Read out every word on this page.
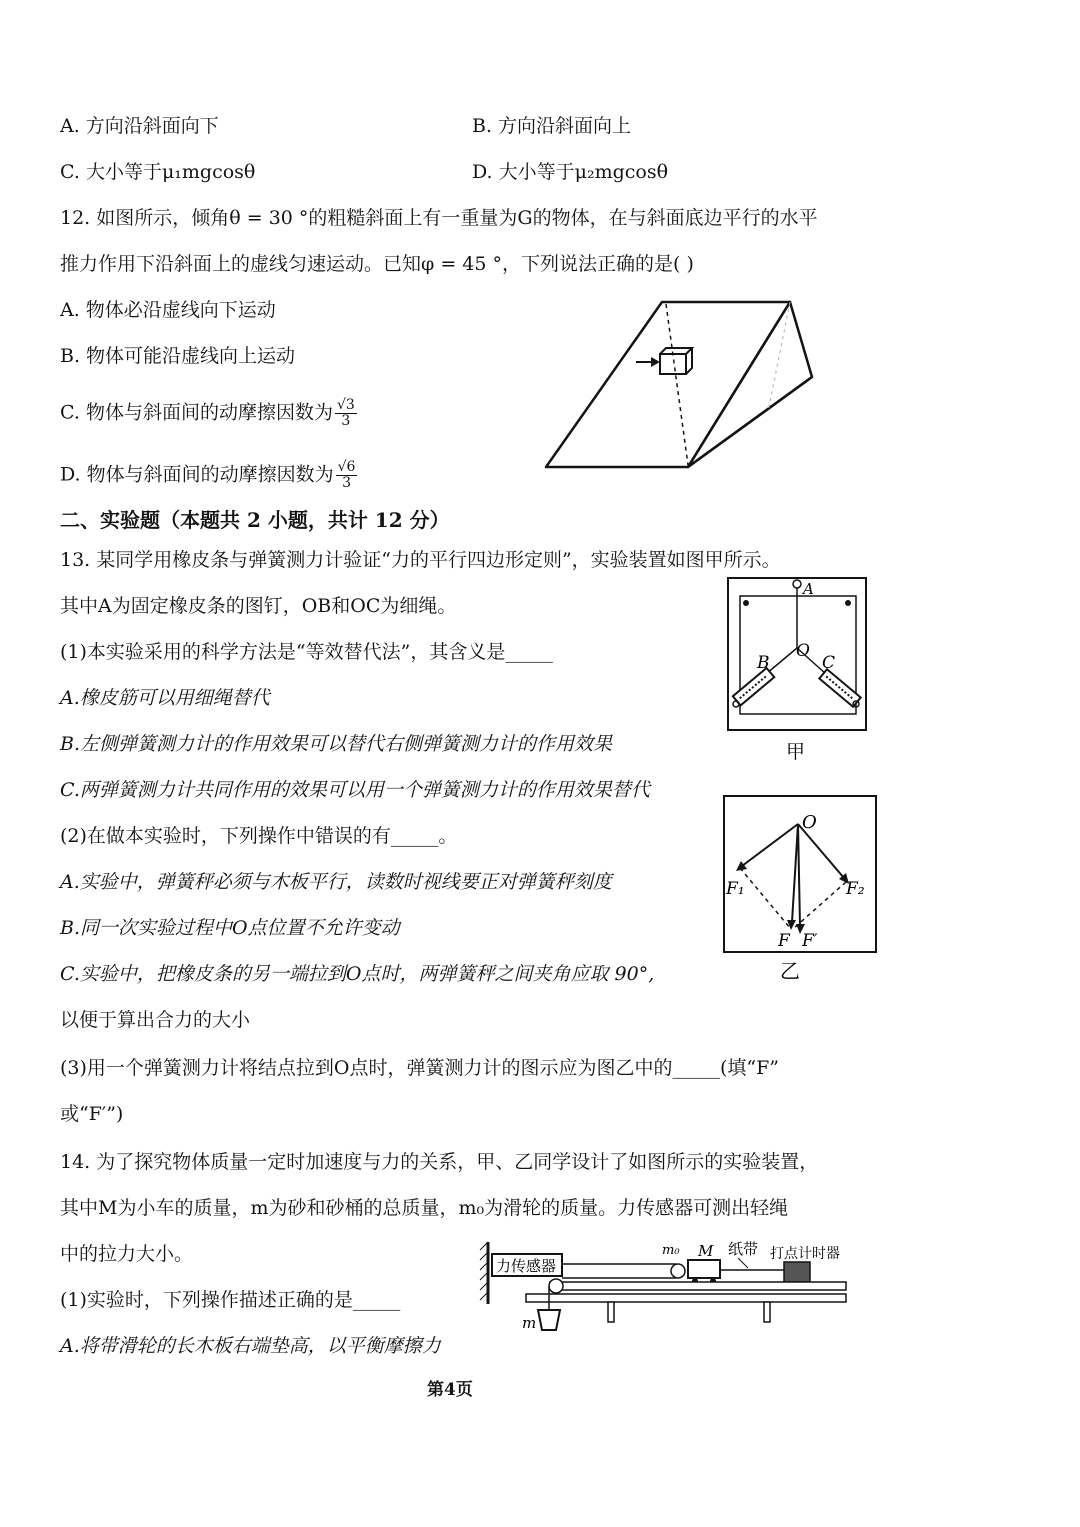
A. 方向沿斜面向下	B. 方向沿斜面向上
C. 大小等于μ₁mgcosθ	D. 大小等于μ₂mgcosθ
12. 如图所示，倾角θ = 30 °的粗糙斜面上有一重量为G的物体，在与斜面底边平行的水平
推力作用下沿斜面上的虚线匀速运动。已知φ = 45 °，下列说法正确的是( )
A. 物体必沿虚线向下运动
B. 物体可能沿虚线向上运动
C. 物体与斜面间的动摩擦因数为 $\frac{√3}{3}$
D. 物体与斜面间的动摩擦因数为 $\frac{√6}{3}$
二、实验题（本题共 2 小题，共计 12 分）
13. 某同学用橡皮条与弹簧测力计验证“力的平行四边形定则”，实验装置如图甲所示。
其中A为固定橡皮条的图钉，OB和OC为细绳。
(1)本实验采用的科学方法是“等效替代法”，其含义是_____
A.橡皮筋可以用细绳替代
B.左侧弹簧测力计的作用效果可以替代右侧弹簧测力计的作用效果
C.两弹簧测力计共同作用的效果可以用一个弹簧测力计的作用效果替代
(2)在做本实验时，下列操作中错误的有_____。
A.实验中，弹簧秤必须与木板平行，读数时视线要正对弹簧秤刻度
B.同一次实验过程中O点位置不允许变动
C.实验中，把橡皮条的另一端拉到O点时，两弹簧秤之间夹角应取 90°,
以便于算出合力的大小
(3)用一个弹簧测力计将结点拉到O点时，弹簧测力计的图示应为图乙中的_____(填“F”
或“F′”)
A
O
B	C
甲
O
F₁	F₂
F F′
乙
14. 为了探究物体质量一定时加速度与力的关系，甲、乙同学设计了如图所示的实验装置，
其中M为小车的质量，m为砂和砂桶的总质量，m₀为滑轮的质量。力传感器可测出轻绳
中的拉力大小。
(1)实验时，下列操作描述正确的是_____
A.将带滑轮的长木板右端垫高，以平衡摩擦力
力传感器
m₀ M 纸带 打点计时器
m
第4页
